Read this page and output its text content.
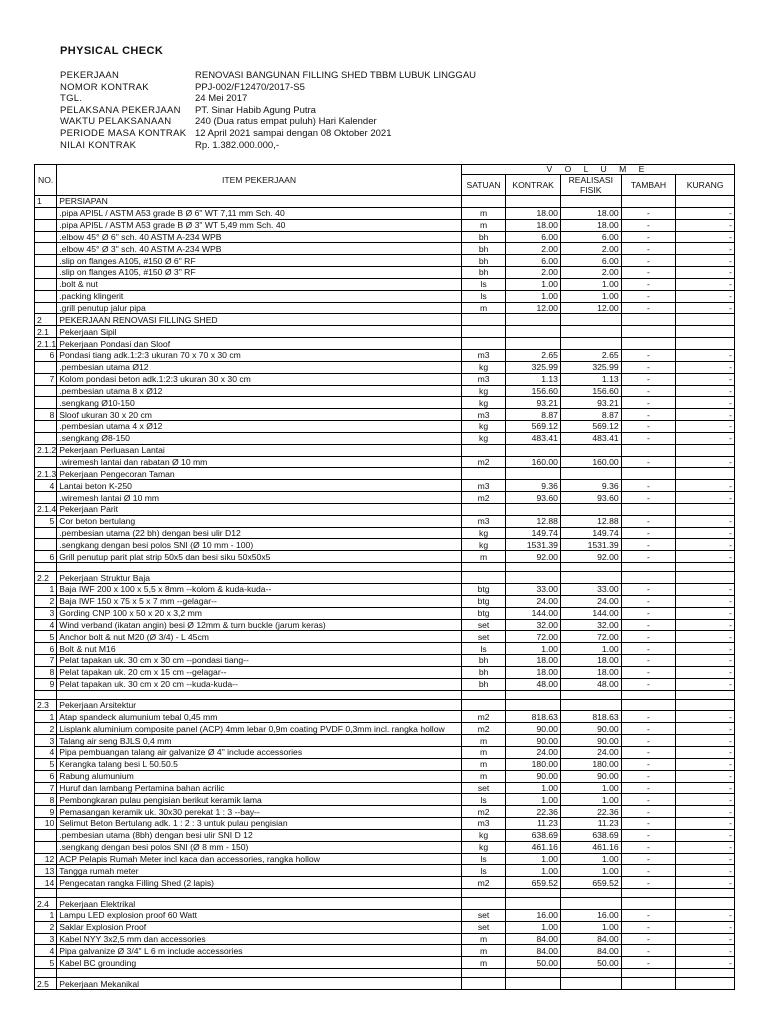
PHYSICAL CHECK
PEKERJAAN	RENOVASI BANGUNAN FILLING SHED TBBM LUBUK LINGGAU
NOMOR KONTRAK	PPJ-002/F12470/2017-S5
TGL.	24 Mei 2017
PELAKSANA PEKERJAAN	PT. Sinar Habib Agung Putra
WAKTU PELAKSANAAN	240 (Dua ratus empat puluh) Hari Kalender
PERIODE MASA KONTRAK 12 April 2021 sampai dengan 08 Oktober 2021
NILAI KONTRAK	Rp. 1.382.000.000,-
NO.	ITEM PEKERJAAN	V O L U M E				
		SATUAN	KONTRAK	REALISASI FISIK	TAMBAH	KURANG
1	PERSIAPAN					
	.pipa API5L / ASTM A53 grade B Ø 6" WT 7,11 mm Sch. 40	m	18.00	18.00	-	-
	.pipa API5L / ASTM A53 grade B Ø 3" WT 5,49 mm Sch. 40	m	18.00	18.00	-	-
	.elbow 45° Ø 6" sch. 40 ASTM A-234 WPB	bh	6.00	6.00	-	-
	.elbow 45° Ø 3" sch. 40 ASTM A-234 WPB	bh	2.00	2.00	-	-
	.slip on flanges A105, #150 Ø 6" RF	bh	6.00	6.00	-	-
	.slip on flanges A105, #150 Ø 3" RF	bh	2.00	2.00	-	-
	.bolt & nut	ls	1.00	1.00	-	-
	.packing klingerit	ls	1.00	1.00	-	-
	.grill penutup jalur pipa	m	12.00	12.00	-	-
2	PEKERJAAN RENOVASI FILLING SHED					
2.1	Pekerjaan Sipil					
2.1.1	Pekerjaan Pondasi dan Sloof					
6	Pondasi tiang adk.1:2:3 ukuran 70 x 70 x 30 cm	m3	2.65	2.65	-	-
	.pembesian utama Ø12	kg	325.99	325.99	-	-
7	Kolom pondasi beton adk.1:2:3 ukuran 30 x 30 cm	m3	1.13	1.13	-	-
	.pembesian utama 8 x Ø12	kg	156.60	156.60	-	-
	.sengkang Ø10-150	kg	93.21	93.21	-	-
8	Sloof ukuran 30 x 20 cm	m3	8.87	8.87	-	-
	.pembesian utama 4 x Ø12	kg	569.12	569.12	-	-
	.sengkang Ø8-150	kg	483.41	483.41	-	-
2.1.2	Pekerjaan Perluasan Lantai					
	.wiremesh lantai dan rabatan Ø 10 mm	m2	160.00	160.00	-	-
2.1.3	Pekerjaan Pengecoran Taman					
4	Lantai beton K-250	m3	9.36	9.36	-	-
	.wiremesh lantai Ø 10 mm	m2	93.60	93.60	-	-
2.1.4	Pekerjaan Parit					
5	Cor beton bertulang	m3	12.88	12.88	-	-
	.pembesian utama (22 bh) dengan besi ulir D12	kg	149.74	149.74	-	-
	.sengkang dengan besi polos SNI (Ø 10 mm - 100)	kg	1531.39	1531.39	-	-
6	Grill penutup parit plat strip 50x5 dan besi siku 50x50x5	m	92.00	92.00	-	-

2.2	Pekerjaan Struktur Baja					
1	Baja IWF 200 x 100 x 5,5 x 8mm --kolom & kuda-kuda--	btg	33.00	33.00	-	-
2	Baja IWF 150 x 75 x 5 x 7 mm --gelagar--	btg	24.00	24.00	-	-
3	Gording CNP 100 x 50 x 20 x 3,2 mm	btg	144.00	144.00	-	-
4	Wind verband (ikatan angin) besi Ø 12mm & turn buckle (jarum keras)	set	32.00	32.00	-	-
5	Anchor bolt & nut M20 (Ø 3/4) - L 45cm	set	72.00	72.00	-	-
6	Bolt & nut M16	ls	1.00	1.00	-	-
7	Pelat tapakan uk. 30 cm x 30 cm --pondasi tiang--	bh	18.00	18.00	-	-
8	Pelat tapakan uk. 20 cm x 15 cm --gelagar--	bh	18.00	18.00	-	-
9	Pelat tapakan uk. 30 cm x 20 cm --kuda-kuda--	bh	48.00	48.00	-	-

2.3	Pekerjaan Arsitektur					
1	Atap spandeck alumunium tebal 0,45 mm	m2	818.63	818.63	-	-
2	Lisplank aluminium composite panel (ACP) 4mm lebar 0,9m coating PVDF 0,3mm incl. rangka hollow	m2	90.00	90.00	-	-
3	Talang air seng BJLS 0,4 mm	m	90.00	90.00	-	-
4	Pipa pembuangan talang air galvanize Ø 4" include accessories	m	24.00	24.00	-	-
5	Kerangka talang besi L 50.50.5	m	180.00	180.00	-	-
6	Rabung alumunium	m	90.00	90.00	-	-
7	Huruf dan lambang Pertamina bahan acrilic	set	1.00	1.00	-	-
8	Pembongkaran pulau pengisian berikut keramik lama	ls	1.00	1.00	-	-
9	Pemasangan keramik uk. 30x30 perekat 1 : 3 --bay--	m2	22.36	22.36	-	-
10	Selimut Beton Bertulang adk. 1 : 2 : 3 untuk pulau pengisian	m3	11.23	11.23	-	-
	.pembesian utama (8bh) dengan besi ulir SNI D 12	kg	638.69	638.69	-	-
	.sengkang dengan besi polos SNI (Ø 8 mm - 150)	kg	461.16	461.16	-	-
12	ACP Pelapis Rumah Meter incl kaca dan accessories, rangka hollow	ls	1.00	1.00	-	-
13	Tangga rumah meter	ls	1.00	1.00	-	-
14	Pengecatan rangka Filling Shed (2 lapis)	m2	659.52	659.52	-	-

2.4	Pekerjaan Elektrikal					
1	Lampu LED explosion proof 60 Watt	set	16.00	16.00	-	-
2	Saklar Explosion Proof	set	1.00	1.00	-	-
3	Kabel NYY 3x2,5 mm dan accessories	m	84.00	84.00	-	-
4	Pipa galvanize Ø 3/4" L 6 m include accessories	m	84.00	84.00	-	-
5	Kabel BC grounding	m	50.00	50.00	-	-

2.5	Pekerjaan Mekanikal					
